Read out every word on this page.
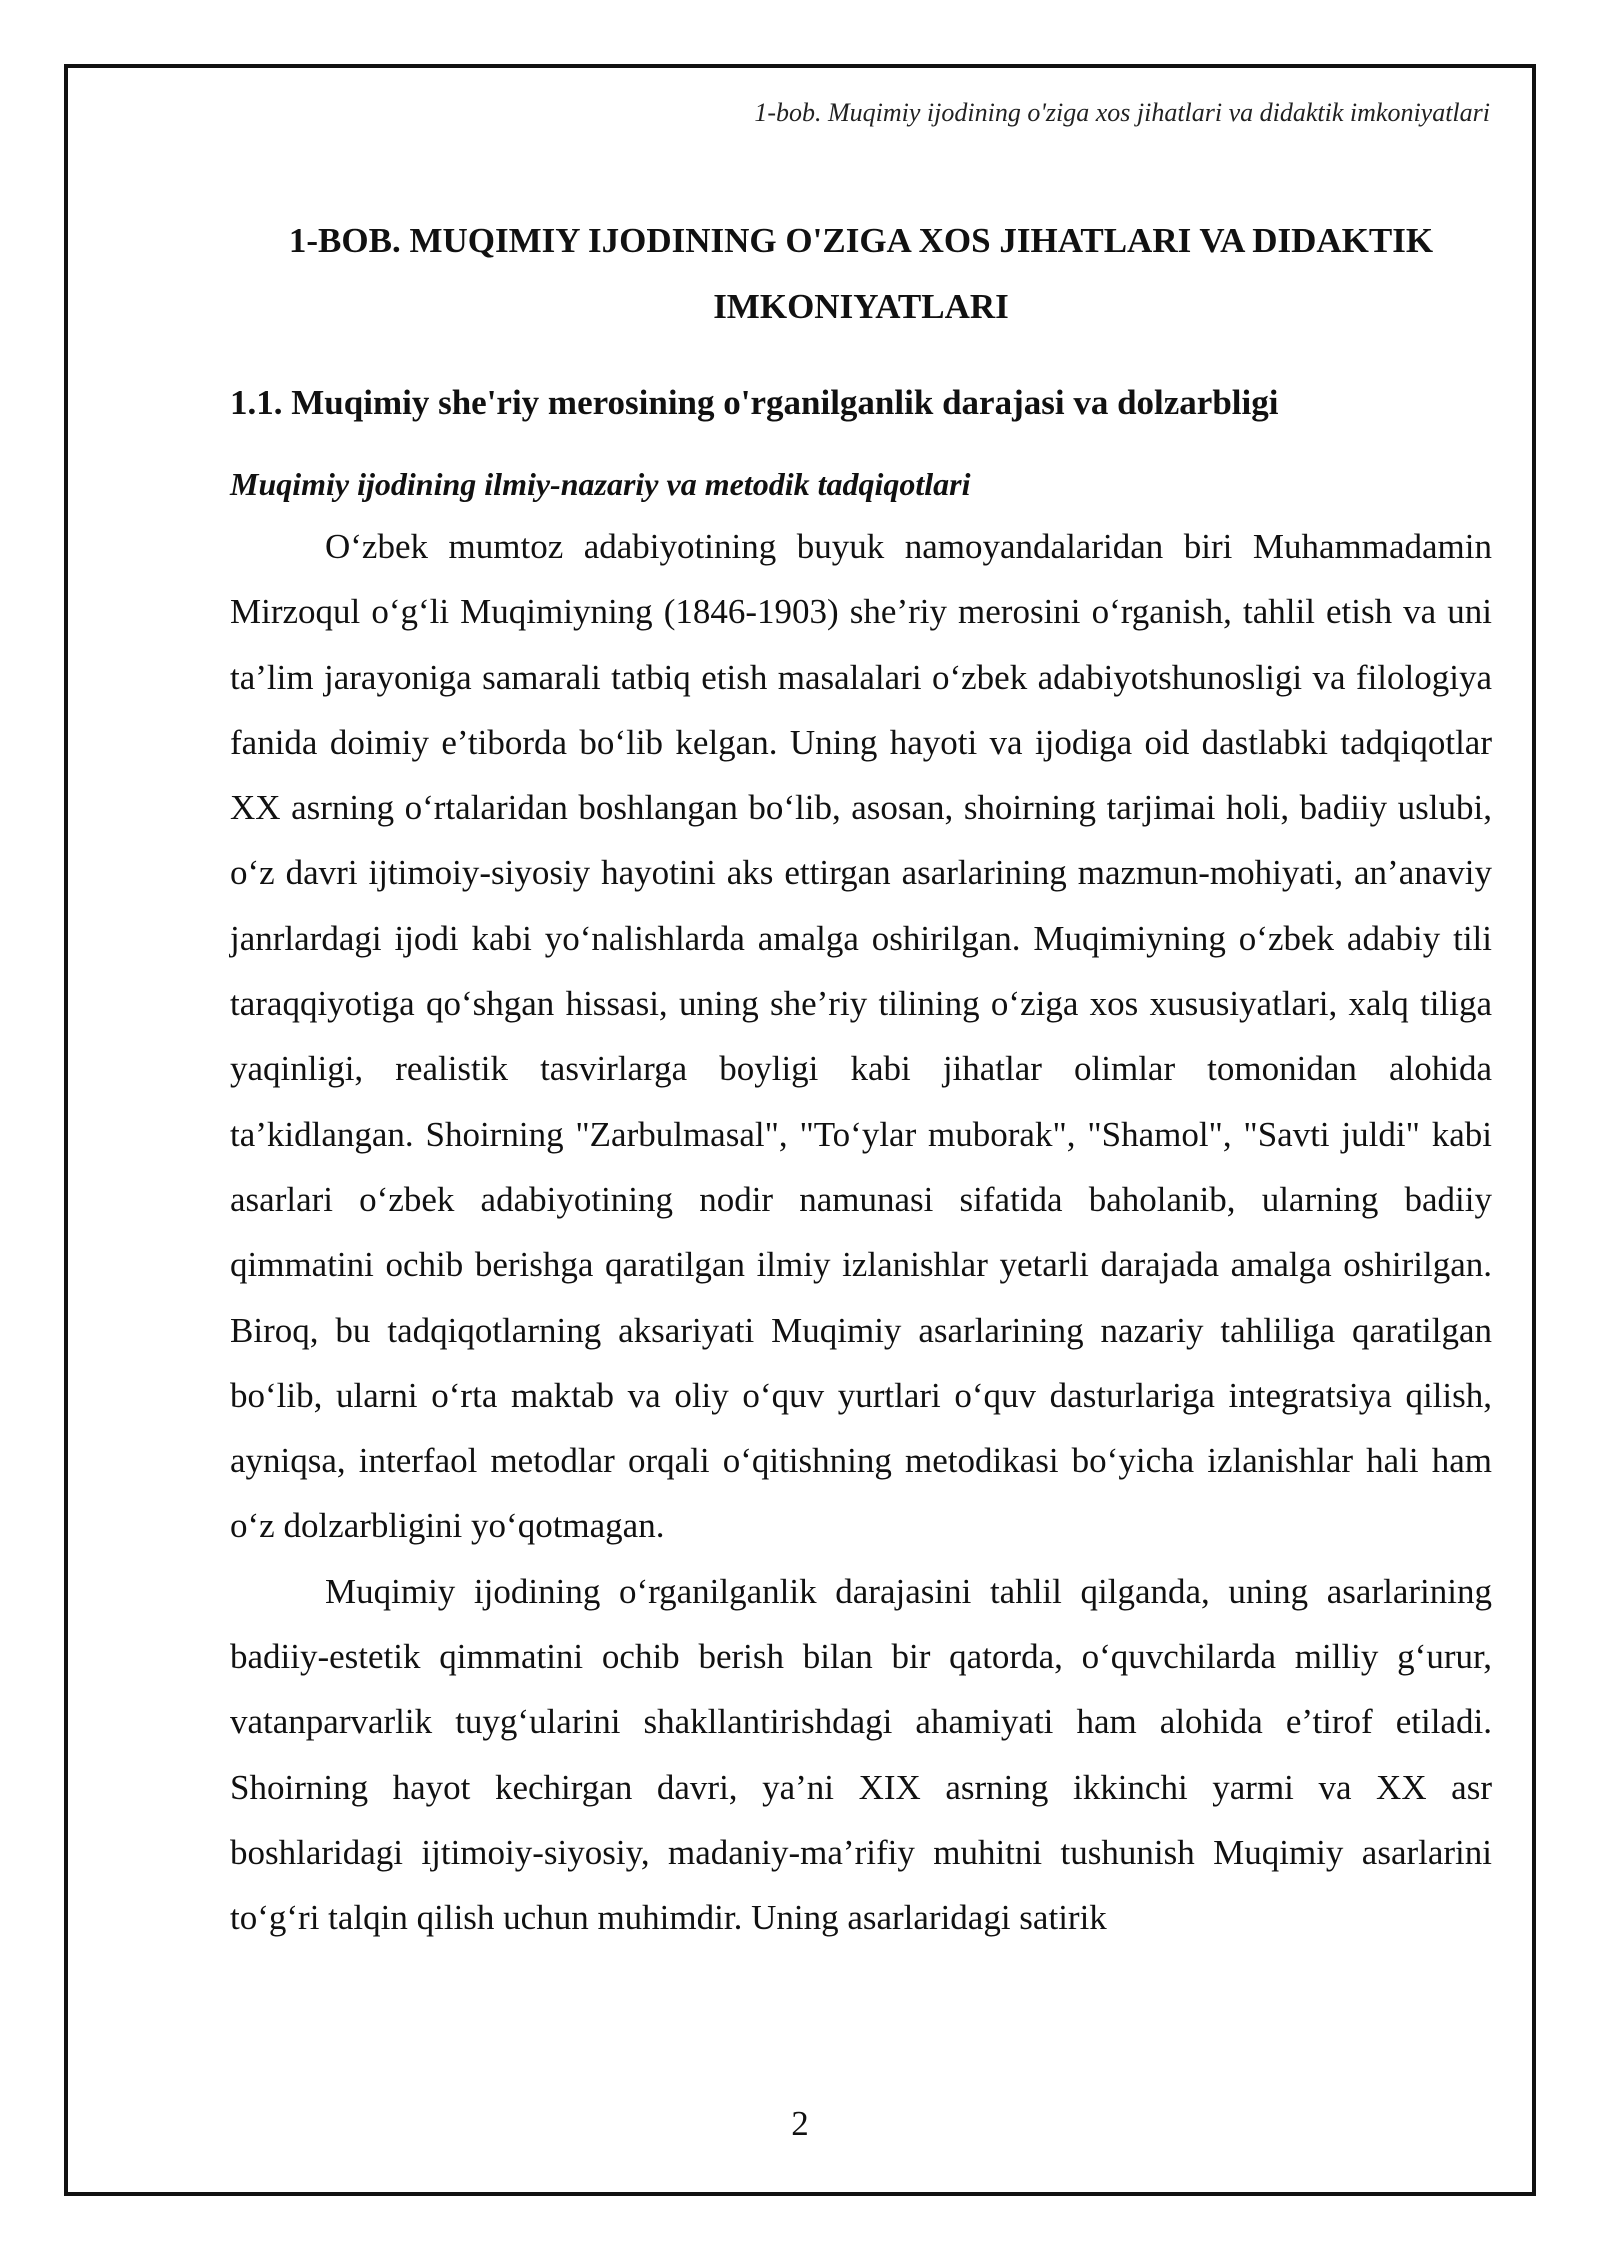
1-bob. Muqimiy ijodining o'ziga xos jihatlari va didaktik imkoniyatlari
1-BOB. MUQIMIY IJODINING O'ZIGA XOS JIHATLARI VA DIDAKTIK IMKONIYATLARI
1.1. Muqimiy she'riy merosining o'rganilganlik darajasi va dolzarbligi
Muqimiy ijodining ilmiy-nazariy va metodik tadqiqotlari

O‘zbek mumtoz adabiyotining buyuk namoyandalaridan biri Muhammadamin Mirzoqul o‘g‘li Muqimiyning (1846-1903) she’riy merosini o‘rganish, tahlil etish va uni ta’lim jarayoniga samarali tatbiq etish masalalari o‘zbek adabiyotshunosligi va filologiya fanida doimiy e’tiborda bo‘lib kelgan. Uning hayoti va ijodiga oid dastlabki tadqiqotlar XX asrning o‘rtalaridan boshlangan bo‘lib, asosan, shoirning tarjimai holi, badiiy uslubi, o‘z davri ijtimoiy-siyosiy hayotini aks ettirgan asarlarining mazmun-mohiyati, an’anaviy janrlardagi ijodi kabi yo‘nalishlarda amalga oshirilgan. Muqimiyning o‘zbek adabiy tili taraqqiyotiga qo‘shgan hissasi, uning she’riy tilining o‘ziga xos xususiyatlari, xalq tiliga yaqinligi, realistik tasvirlarga boyligi kabi jihatlar olimlar tomonidan alohida ta’kidlangan. Shoirning "Zarbulmasal", "To‘ylar muborak", "Shamol", "Savti juldi" kabi asarlari o‘zbek adabiyotining nodir namunasi sifatida baholanib, ularning badiiy qimmatini ochib berishga qaratilgan ilmiy izlanishlar yetarli darajada amalga oshirilgan. Biroq, bu tadqiqotlarning aksariyati Muqimiy asarlarining nazariy tahliliga qaratilgan bo‘lib, ularni o‘rta maktab va oliy o‘quv yurtlari o‘quv dasturlariga integratsiya qilish, ayniqsa, interfaol metodlar orqali o‘qitishning metodikasi bo‘yicha izlanishlar hali ham o‘z dolzarbligini yo‘qotmagan.

Muqimiy ijodining o‘rganilganlik darajasini tahlil qilganda, uning asarlarining badiiy-estetik qimmatini ochib berish bilan bir qatorda, o‘quvchilarda milliy g‘urur, vatanparvarlik tuyg‘ularini shakllantirishdagi ahamiyati ham alohida e’tirof etiladi. Shoirning hayot kechirgan davri, ya’ni XIX asrning ikkinchi yarmi va XX asr boshlaridagi ijtimoiy-siyosiy, madaniy-ma’rifiy muhitni tushunish Muqimiy asarlarini to‘g‘ri talqin qilish uchun muhimdir. Uning asarlaridagi satirik

2
